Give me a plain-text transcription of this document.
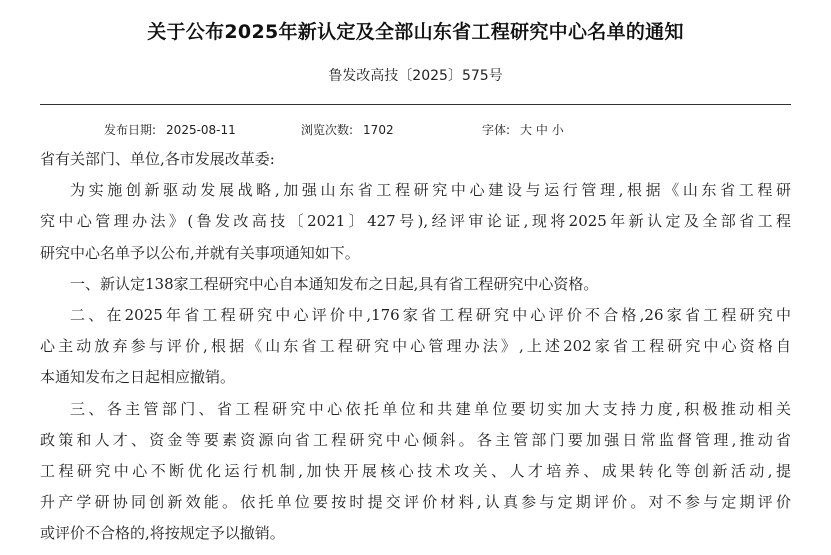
关于公布2025年新认定及全部山东省工程研究中心名单的通知
鲁发改高技〔2025〕575号
发布日期: 2025-08-11	浏览次数: 1702	字体: 大 中 小
省有关部门、单位,各市发展改革委:
为实施创新驱动发展战略,加强山东省工程研究中心建设与运行管理,根据《山东省工程研
究中心管理办法》(鲁发改高技〔2021〕427号),经评审论证,现将2025年新认定及全部省工程
研究中心名单予以公布,并就有关事项通知如下。
一、新认定138家工程研究中心自本通知发布之日起,具有省工程研究中心资格。
二、在2025年省工程研究中心评价中,176家省工程研究中心评价不合格,26家省工程研究中
心主动放弃参与评价,根据《山东省工程研究中心管理办法》,上述202家省工程研究中心资格自
本通知发布之日起相应撤销。
三、各主管部门、省工程研究中心依托单位和共建单位要切实加大支持力度,积极推动相关
政策和人才、资金等要素资源向省工程研究中心倾斜。各主管部门要加强日常监督管理,推动省
工程研究中心不断优化运行机制,加快开展核心技术攻关、人才培养、成果转化等创新活动,提
升产学研协同创新效能。依托单位要按时提交评价材料,认真参与定期评价。对不参与定期评价
或评价不合格的,将按规定予以撤销。
